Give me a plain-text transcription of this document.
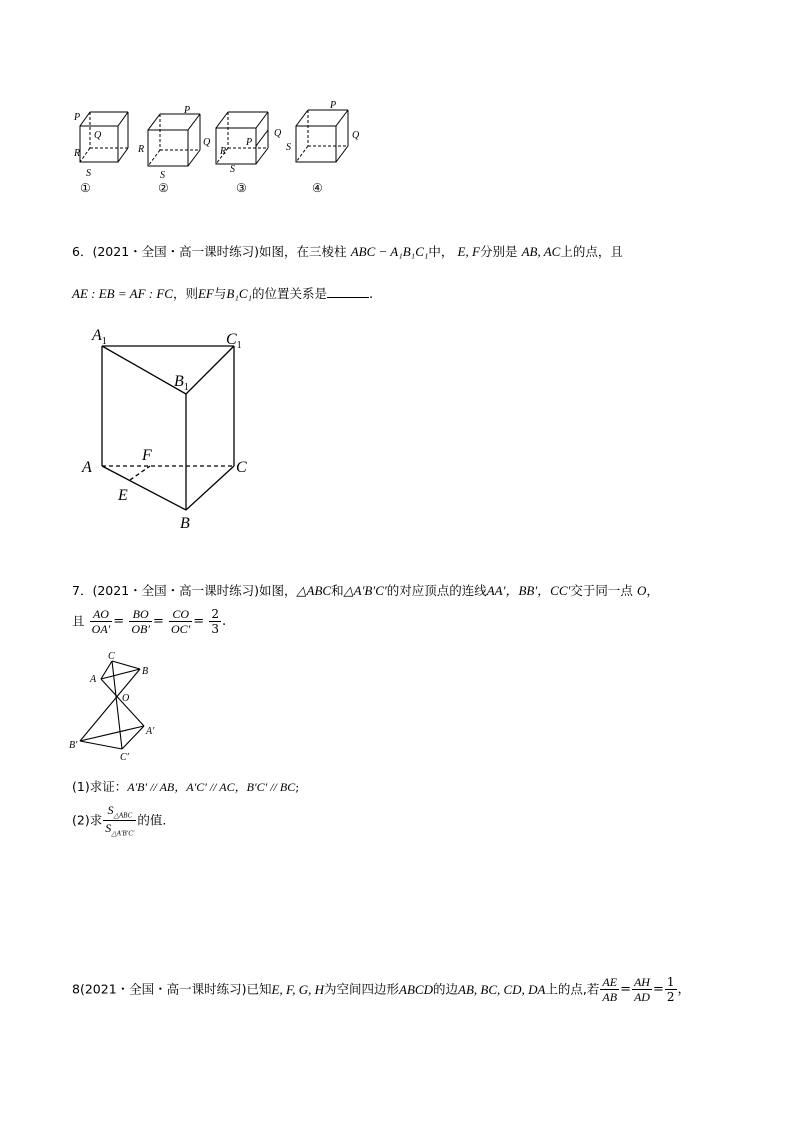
P
Q
R
S
P
Q
R
S
P
Q
R
S
P
Q
S
①	②	③	④
6．(2021・全国・高一课时练习)如图，在三棱柱 ABC − A₁B₁C₁中， E, F分别是 AB, AC上的点，且
AE : EB = AF : FC，则EF与B₁C₁的位置关系是	.
$A_1$	$C_1$
$B_1$
A	C
B
E
F
7．(2021・全国・高一课时练习)如图，△ABC和△A′B′C′的对应顶点的连线AA′，BB′，CC′交于同一点 O，
且 $\frac{AO}{OA'} = \frac{BO}{OB'} = \frac{CO}{OC'} = \frac{2}{3}$ .
C
B
A
O
A′
B′
C′
(1)求证：A′B′ // AB，A′C′ // AC，B′C′ // BC;
(2)求 $\frac{S_{\triangle ABC}}{S_{\triangle A'B'C'}}$ 的值.
8(2021・全国・高一课时练习)已知E, F, G, H为空间四边形ABCD的边AB, BC, CD, DA上的点,若 $\frac{AE}{AB} = \frac{AH}{AD} = \frac{1}{2}$ ，
